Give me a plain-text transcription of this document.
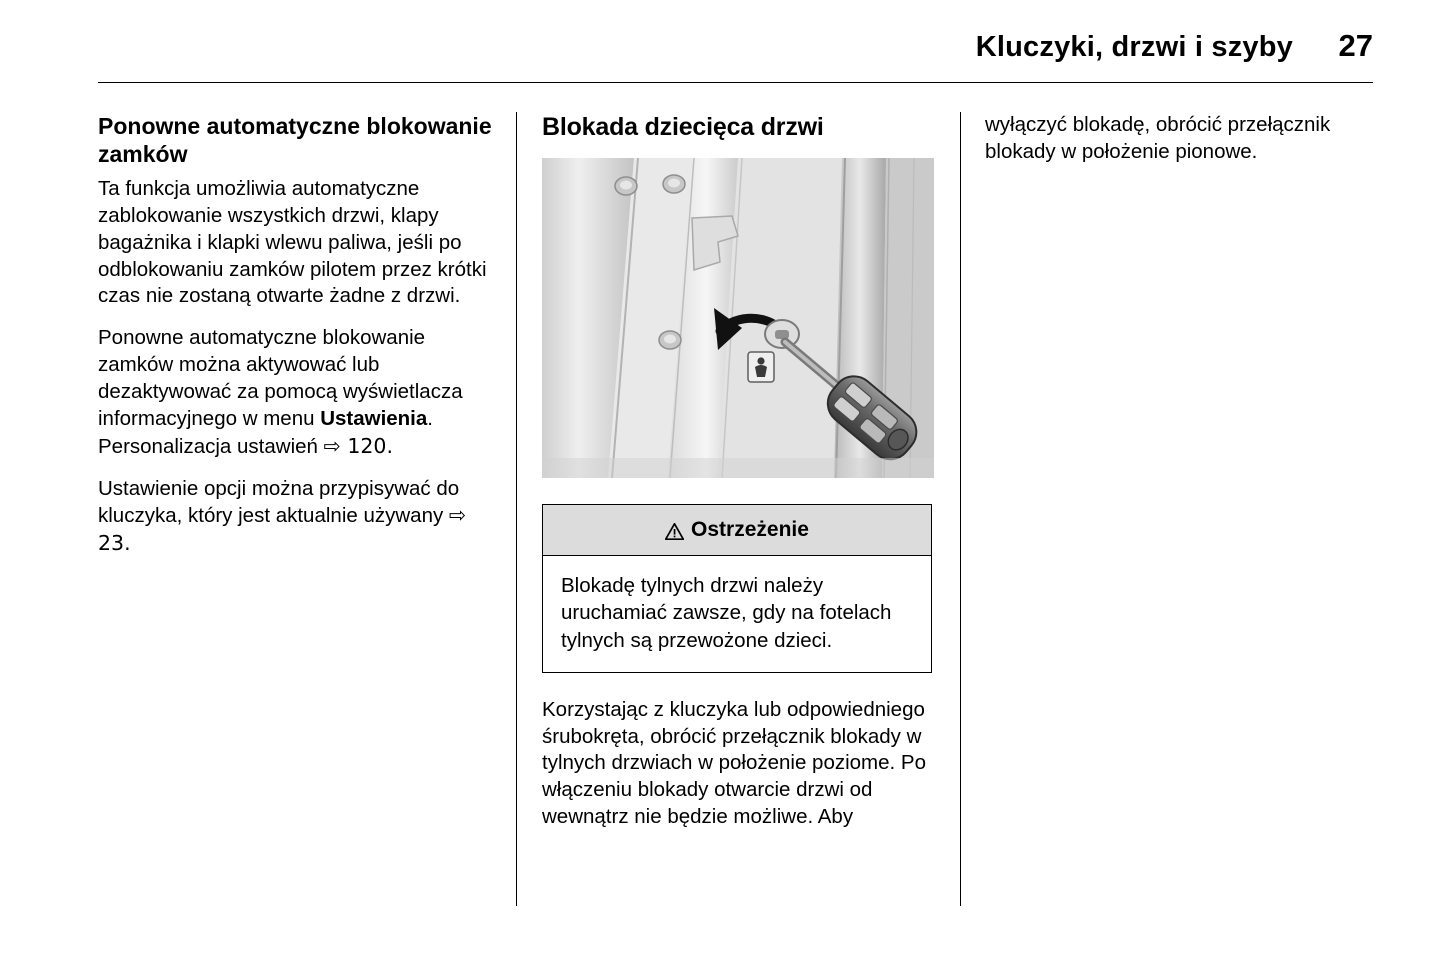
Kluczyki, drzwi i szyby	27
Ponowne automatyczne blokowanie zamków

Ta funkcja umożliwia automatyczne zablokowanie wszystkich drzwi, klapy bagażnika i klapki wlewu paliwa, jeśli po odblokowaniu zamków pilotem przez krótki czas nie zostaną otwarte żadne z drzwi.

Ponowne automatyczne blokowanie zamków można aktywować lub dezaktywować za pomocą wyświetlacza informacyjnego w menu Ustawienia. Personalizacja ustawień ⇨ 120.

Ustawienie opcji można przypisywać do kluczyka, który jest aktualnie używany ⇨ 23.

Blokada dziecięca drzwi
Ostrzeżenie
Blokadę tylnych drzwi należy uruchamiać zawsze, gdy na fotelach tylnych są przewożone dzieci.

Korzystając z kluczyka lub odpowiedniego śrubokręta, obrócić przełącznik blokady w tylnych drzwiach w położenie poziome. Po włączeniu blokady otwarcie drzwi od wewnątrz nie będzie możliwe. Aby

wyłączyć blokadę, obrócić przełącznik blokady w położenie pionowe.
